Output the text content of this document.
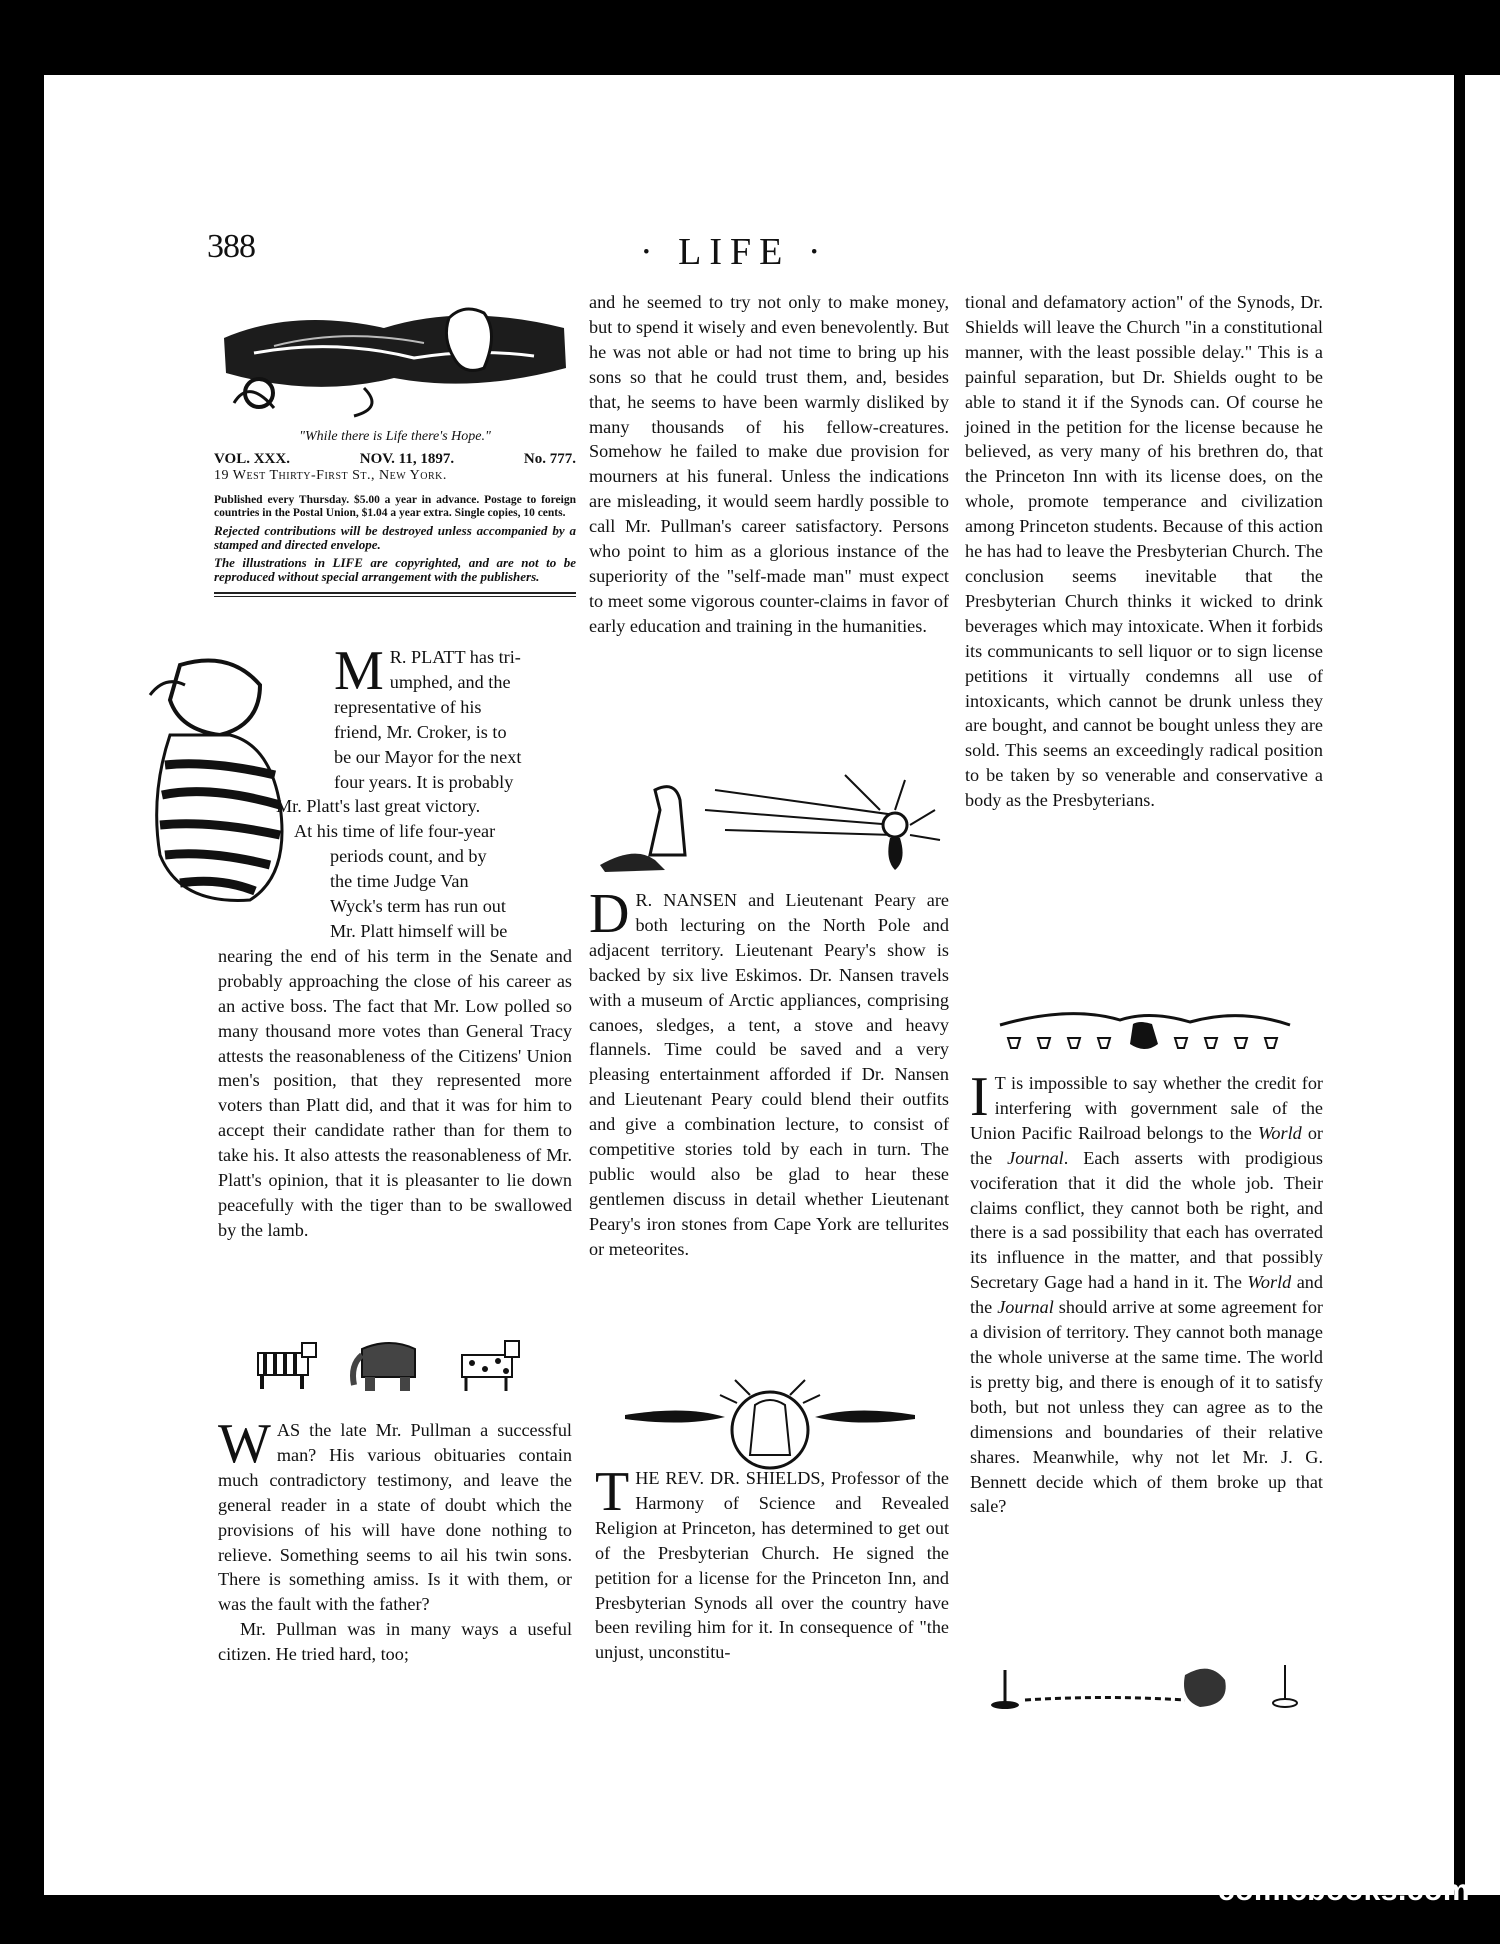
388	· LIFE ·
"While there is Life there's Hope."
VOL. XXX.	NOV. 11, 1897.	No. 777.
19 West Thirty-First St., New York.
Published every Thursday. $5.00 a year in advance. Postage to foreign countries in the Postal Union, $1.04 a year extra. Single copies, 10 cents.
Rejected contributions will be destroyed unless accompanied by a stamped and directed envelope.
The illustrations in LIFE are copyrighted, and are not to be reproduced without special arrangement with the publishers.
M R. PLATT has tri-
umphed, and the
representative of his
friend, Mr. Croker, is to
be our Mayor for the next
four years. It is probably
Mr. Platt's last great victory.
At his time of life four-year
periods count, and by
the time Judge Van
Wyck's term has run out
Mr. Platt himself will be

nearing the end of his term in the Senate and probably approaching the close of his career as an active boss. The fact that Mr. Low polled so many thousand more votes than General Tracy attests the reasonableness of the Citizens' Union men's position, that they represented more voters than Platt did, and that it was for him to accept their candidate rather than for them to take his. It also attests the reasonableness of Mr. Platt's opinion, that it is pleasanter to lie down peacefully with the tiger than to be swallowed by the lamb.

WAS the late Mr. Pullman a successful man? His various obituaries contain much contradictory testimony, and leave the general reader in a state of doubt which the provisions of his will have done nothing to relieve. Something seems to ail his twin sons. There is something amiss. Is it with them, or was the fault with the father?

Mr. Pullman was in many ways a useful citizen. He tried hard, too;

and he seemed to try not only to make money, but to spend it wisely and even benevolently. But he was not able or had not time to bring up his sons so that he could trust them, and, besides that, he seems to have been warmly disliked by many thousands of his fellow-creatures. Somehow he failed to make due provision for mourners at his funeral. Unless the indications are misleading, it would seem hardly possible to call Mr. Pullman's career satisfactory. Persons who point to him as a glorious instance of the superiority of the "self-made man" must expect to meet some vigorous counter-claims in favor of early education and training in the humanities.

D R. NANSEN and Lieutenant Peary are both lecturing on the North Pole and adjacent territory. Lieutenant Peary's show is backed by six live Eskimos. Dr. Nansen travels with a museum of Arctic appliances, comprising canoes, sledges, a tent, a stove and heavy flannels. Time could be saved and a very pleasing entertainment afforded if Dr. Nansen and Lieutenant Peary could blend their outfits and give a combination lecture, to consist of competitive stories told by each in turn. The public would also be glad to hear these gentlemen discuss in detail whether Lieutenant Peary's iron stones from Cape York are tellurites or meteorites.

THE REV. DR. SHIELDS, Professor of the Harmony of Science and Revealed Religion at Princeton, has determined to get out of the Presbyterian Church. He signed the petition for a license for the Princeton Inn, and Presbyterian Synods all over the country have been reviling him for it. In consequence of "the unjust, unconstitu-

tional and defamatory action" of the Synods, Dr. Shields will leave the Church "in a constitutional manner, with the least possible delay." This is a painful separation, but Dr. Shields ought to be able to stand it if the Synods can. Of course he joined in the petition for the license because he believed, as very many of his brethren do, that the Princeton Inn with its license does, on the whole, promote temperance and civilization among Princeton students. Because of this action he has had to leave the Presbyterian Church. The conclusion seems inevitable that the Presbyterian Church thinks it wicked to drink beverages which may intoxicate. When it forbids its communicants to sell liquor or to sign license petitions it virtually condemns all use of intoxicants, which cannot be drunk unless they are bought, and cannot be bought unless they are sold. This seems an exceedingly radical position to be taken by so venerable and conservative a body as the Presbyterians.

I T is impossible to say whether the credit for interfering with government sale of the Union Pacific Railroad belongs to the World or the Journal. Each asserts with prodigious vociferation that it did the whole job. Their claims conflict, they cannot both be right, and there is a sad possibility that each has overrated its influence in the matter, and that possibly Secretary Gage had a hand in it. The World and the Journal should arrive at some agreement for a division of territory. They cannot both manage the whole universe at the same time. The world is pretty big, and there is enough of it to satisfy both, but not unless they can agree as to the dimensions and boundaries of their relative shares. Meanwhile, why not let Mr. J. G. Bennett decide which of them broke up that sale?

comicbooks.com
